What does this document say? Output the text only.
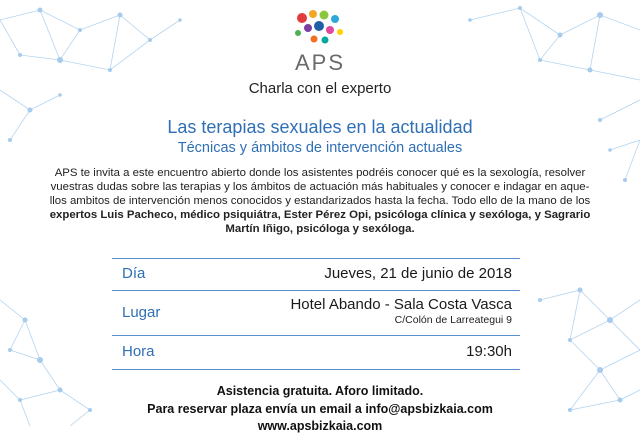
APS
Charla con el experto
Las terapias sexuales en la actualidad
Técnicas y ámbitos de intervención actuales
APS te invita a este encuentro abierto donde los asistentes podréis conocer qué es la sexología, resolver
vuestras dudas sobre las terapias y los ámbitos de actuación más habituales y conocer e indagar en aque-
llos ambitos de intervención menos conocidos y estandarizados hasta la fecha. Todo ello de la mano de los
expertos Luis Pacheco, médico psiquiátra, Ester Pérez Opi, psicóloga clínica y sexóloga, y Sagrario
Martín Iñigo, psicóloga y sexóloga.
Día	Jueves, 21 de junio de 2018
Lugar	Hotel Abando - Sala Costa Vasca
C/Colón de Larreategui 9
Hora	19:30h
Asistencia gratuita. Aforo limitado.
Para reservar plaza envía un email a info@apsbizkaia.com
www.apsbizkaia.com
